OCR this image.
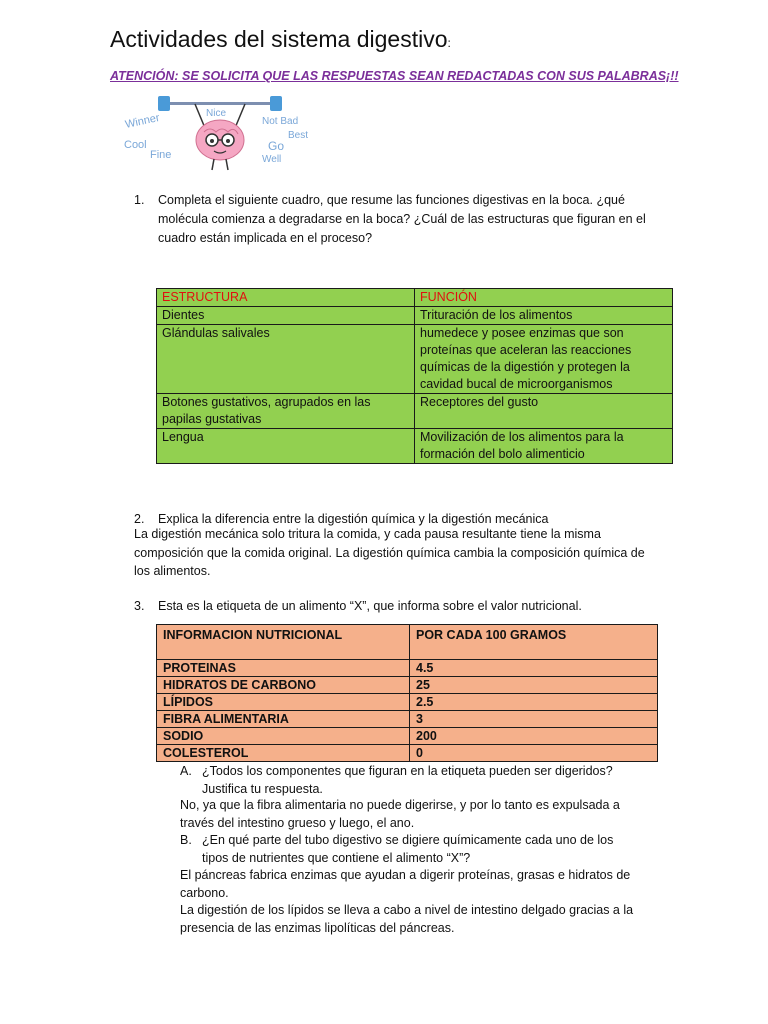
Actividades del sistema digestivo:
ATENCIÓN: SE SOLICITA QUE LAS RESPUESTAS SEAN REDACTADAS CON SUS PALABRAS¡!!
Winner	Nice
Not Bad
Cool
Best
Fine
Go
Well
1. Completa el siguiente cuadro, que resume las funciones digestivas en la boca. ¿qué
molécula comienza a degradarse en la boca? ¿Cuál de las estructuras que figuran en el
cuadro están implicada en el proceso?
ESTRUCTURA	FUNCIÓN
Dientes	Trituración de los alimentos
Glándulas salivales	humedece y posee enzimas que son proteínas que aceleran las reacciones químicas de la digestión y protegen la cavidad bucal de microorganismos
Botones gustativos, agrupados en las papilas gustativas	Receptores del gusto
Lengua	Movilización de los alimentos para la formación del bolo alimenticio
2. Explica la diferencia entre la digestión química y la digestión mecánica
La digestión mecánica solo tritura la comida, y cada pausa resultante tiene la misma composición que la comida original. La digestión química cambia la composición química de los alimentos.
3. Esta es la etiqueta de un alimento “X”, que informa sobre el valor nutricional.
INFORMACION NUTRICIONAL	POR CADA 100 GRAMOS
PROTEINAS	4.5
HIDRATOS DE CARBONO	25
LÍPIDOS	2.5
FIBRA ALIMENTARIA	3
SODIO	200
COLESTEROL	0
A. ¿Todos los componentes que figuran en la etiqueta pueden ser digeridos?
Justifica tu respuesta.
No, ya que la fibra alimentaria no puede digerirse, y por lo tanto es expulsada a través del intestino grueso y luego, el ano.
B. ¿En qué parte del tubo digestivo se digiere químicamente cada uno de los
tipos de nutrientes que contiene el alimento “X”?
El páncreas fabrica enzimas que ayudan a digerir proteínas, grasas e hidratos de carbono.
La digestión de los lípidos se lleva a cabo a nivel de intestino delgado gracias a la presencia de las enzimas lipolíticas del páncreas.
